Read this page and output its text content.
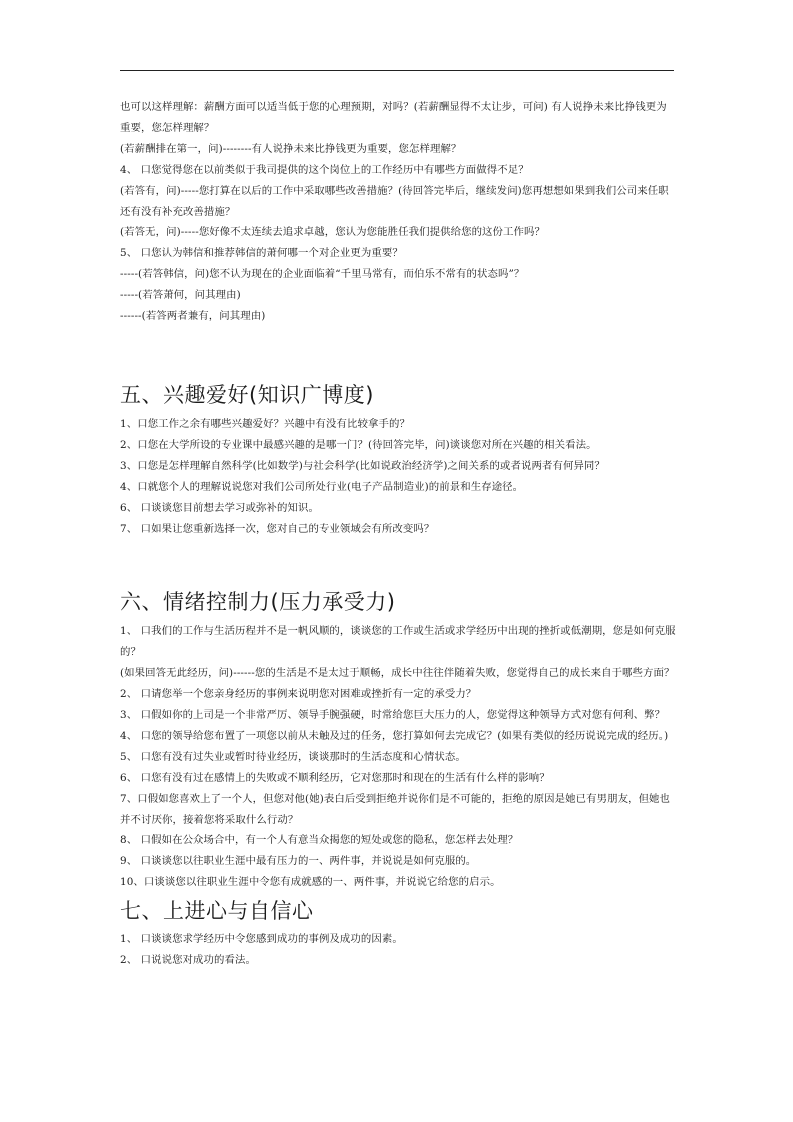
也可以这样理解：薪酬方面可以适当低于您的心理预期，对吗？(若薪酬显得不太让步，可问) 有人说挣未来比挣钱更为重要，您怎样理解？

(若薪酬排在第一，问)--------有人说挣未来比挣钱更为重要，您怎样理解？

4、 口您觉得您在以前类似于我司提供的这个岗位上的工作经历中有哪些方面做得不足？

(若答有，问)-----您打算在以后的工作中采取哪些改善措施？(待回答完毕后，继续发问)您再想想如果到我们公司来任职还有没有补充改善措施？

(若答无，问)-----您好像不太连续去追求卓越，您认为您能胜任我们提供给您的这份工作吗？

5、 口您认为韩信和推荐韩信的萧何哪一个对企业更为重要？

-----(若答韩信，问)您不认为现在的企业面临着“千里马常有，而伯乐不常有的状态吗”？

-----(若答萧何，问其理由)

------(若答两者兼有，问其理由)

五、兴趣爱好(知识广博度)

1、口您工作之余有哪些兴趣爱好？兴趣中有没有比较拿手的？

2、口您在大学所设的专业课中最感兴趣的是哪一门？(待回答完毕，问)谈谈您对所在兴趣的相关看法。

3、口您是怎样理解自然科学(比如数学)与社会科学(比如说政治经济学)之间关系的或者说两者有何异同？

4、口就您个人的理解说说您对我们公司所处行业(电子产品制造业)的前景和生存途径。

6、 口谈谈您目前想去学习或弥补的知识。

7、 口如果让您重新选择一次，您对自己的专业领域会有所改变吗？

六、情绪控制力(压力承受力)

1、 口我们的工作与生活历程并不是一帆风顺的，谈谈您的工作或生活或求学经历中出现的挫折或低潮期，您是如何克服的？

(如果回答无此经历，问)------您的生活是不是太过于顺畅，成长中往往伴随着失败，您觉得自己的成长来自于哪些方面？

2、 口请您举一个您亲身经历的事例来说明您对困难或挫折有一定的承受力？

3、 口假如你的上司是一个非常严厉、领导手腕强硬，时常给您巨大压力的人，您觉得这种领导方式对您有何利、弊？

4、 口您的领导给您布置了一项您以前从未触及过的任务，您打算如何去完成它？(如果有类似的经历说说完成的经历。)

5、 口您有没有过失业或暂时待业经历，谈谈那时的生活态度和心情状态。

6、 口您有没有过在感情上的失败或不顺利经历，它对您那时和现在的生活有什么样的影响？

7、口假如您喜欢上了一个人，但您对他(她)表白后受到拒绝并说你们是不可能的，拒绝的原因是她已有男朋友，但她也并不讨厌你，接着您将采取什么行动？

8、 口假如在公众场合中，有一个人有意当众揭您的短处或您的隐私，您怎样去处理？

9、 口谈谈您以往职业生涯中最有压力的一、两件事，并说说是如何克服的。

10、口谈谈您以往职业生涯中令您有成就感的一、两件事，并说说它给您的启示。

七、上进心与自信心

1、 口谈谈您求学经历中令您感到成功的事例及成功的因素。

2、 口说说您对成功的看法。
